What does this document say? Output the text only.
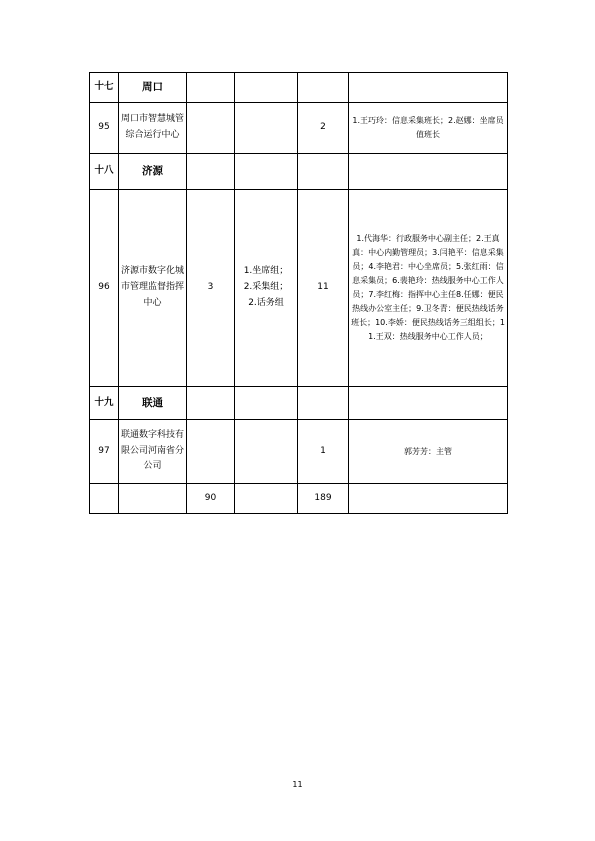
十七	周口				
95	周口市智慧城管综合运行中心			2	1.王巧玲：信息采集班长；2.赵娜：坐席员值班长
十八	济源				
96	济源市数字化城市管理监督指挥中心	3	1.坐席组；
2.采集组；
2.话务组	11	1.代海华：行政服务中心副主任；2.王真真：中心内勤管理员；3.闫艳平：信息采集员；4.李艳君：中心坐席员；5.张红雨：信息采集员；6.裴艳玲：热线服务中心工作人员；7.李红梅：指挥中心主任8.任娜：便民热线办公室主任；9.卫冬青：便民热线话务班长；10.李娇：便民热线话务三组组长；11.王双：热线服务中心工作人员；
十九	联通				
97	联通数字科技有限公司河南省分公司			1	郭芳芳：主管
		90		189	
11
